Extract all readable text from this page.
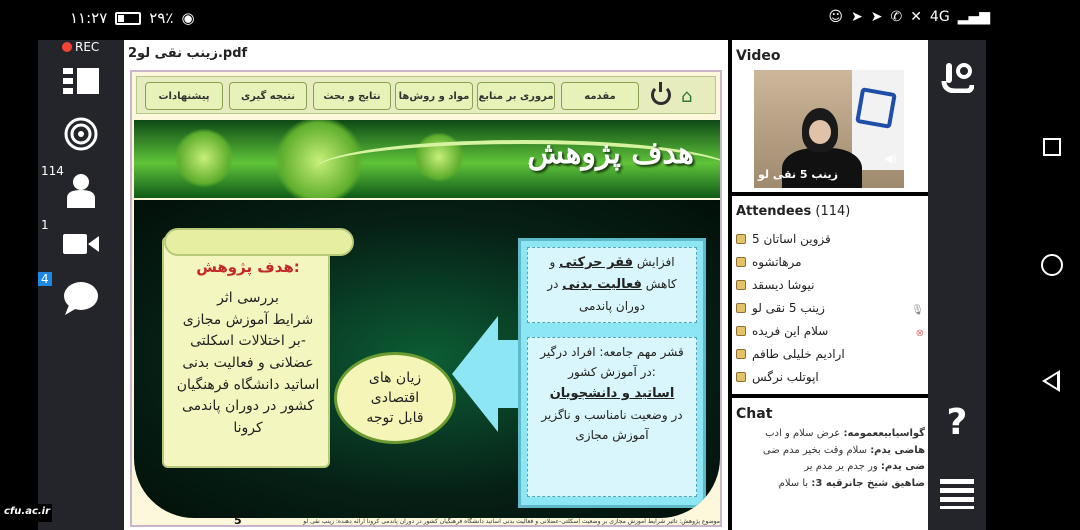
۱۱:۲۷	۲۹٪ ◉	☺ ➤ ➤ ✆ ✕ 4G ▂▄▆
REC
114
1
4
2ﺯﯾﻨﺐ ﻧﻘﯽ ﻟﻮ.pdf
پیشنهادات	نتیجه گیری	نتایج و بحث	مواد و روش‌ها مروری بر منابع	مقدمه	⌂
هدف پژوهش
هدف پژوهش:
بررسی اثر
شرایط آموزش مجازی
بر اختلالات اسکلتی-
عضلانی و فعالیت بدنی
اساتید دانشگاه فرهنگیان
کشور در دوران پاندمی
کرونا
زیان های
اقتصادی
قابل توجه
افزایش فقر حرکتی و
کاهش فعالیت بدنی در
دوران پاندمی
قشر مهم جامعه: افراد درگیر
در آموزش کشور:
اساتید و دانشجویان
در وضعیت نامناسب و ناگزیر
آموزش مجازی
موضوع پژوهش: تاثیر شرایط آموزش مجازی بر وضعیت اسکلتی-عضلانی و فعالیت بدنی اساتید دانشگاه فرهنگیان کشور در دوران پاندمی کرونا ارائه دهنده: زینب نقی لو
5
Video
ﺯﯾﻨﺐ 5 ﻧﻘﯽ ﻟﻮ
◀)
Attendees (114)
ﻗﺰﻭﯾﻦ ﺍﺳﺎﺗﺎﻥ 5
ﻣﺮﻫﺎﺗﺸﻮﻩ
ﻧﯿﻮﺷﺎ ﺩﯾﺴﻘﺪ
ﺯﯾﻨﺐ 5 ﻧﻘﯽ ﻟﻮ	🎙
ﺳﻼﻡ ﺍﯾﻦ ﻓﺮﯾﺪﻩ	⊗
ﺍﺭﺍﺩﯾﻢ ﺧﻠﯿﻠﯽ ﻃﺎﻓﻢ
ﺍﭘﻮﺗﻠﺐ ﻧﺮﮔﺲ
Chat
گواسیابیععمومه: عرض سلام و ادب
هاضی یدم: سلام وقت بخیر مدم ضی
ضی یدم: ور جدم یر مدم یر
ضاهیق شیخ جانرقیه 3: با سلام
?
cfu.ac.ir
